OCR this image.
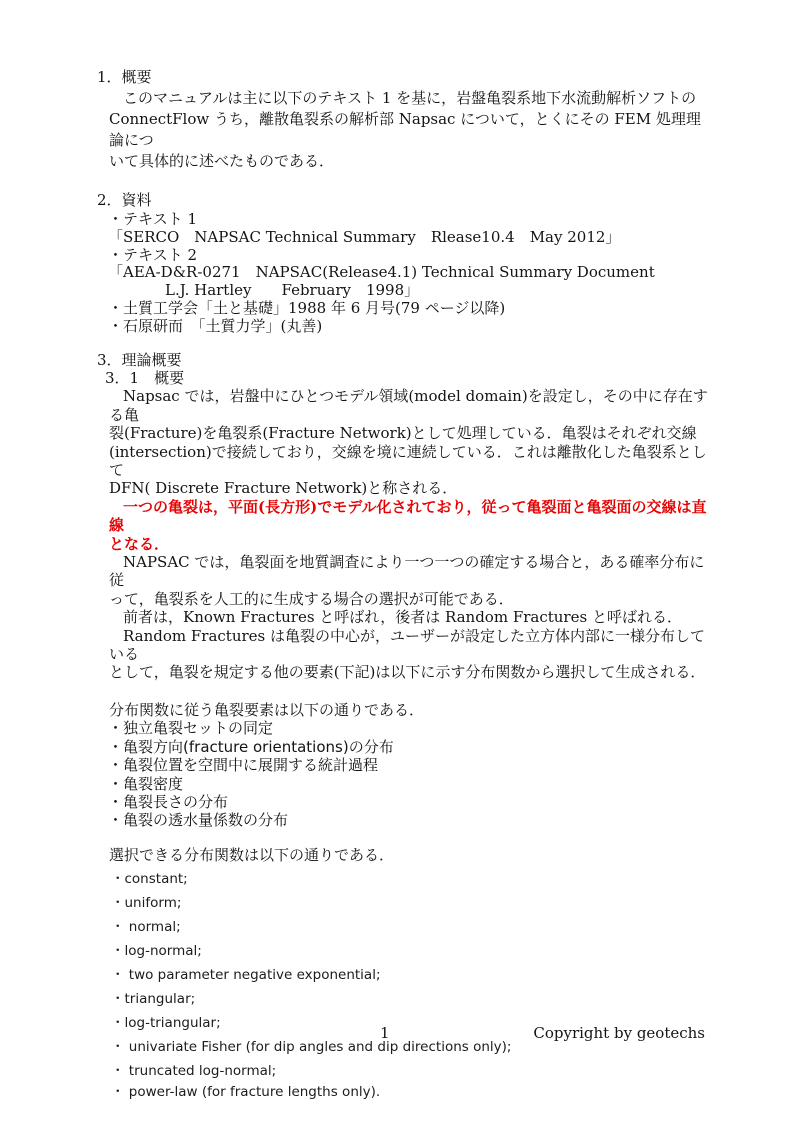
1．概要
このマニュアルは主に以下のテキスト 1 を基に，岩盤亀裂系地下水流動解析ソフトの
ConnectFlow うち，離散亀裂系の解析部 Napsac について，とくにその FEM 処理理論につ
いて具体的に述べたものである．
2．資料
・テキスト 1
「SERCO　NAPSAC Technical Summary　Rlease10.4　May 2012」
・テキスト 2
「AEA-D&R-0271　NAPSAC(Release4.1) Technical Summary Document
L.J. Hartley　　February　1998」
・土質工学会「土と基礎」1988 年 6 月号(79 ページ以降)
・石原研而　「土質力学」(丸善)
3．理論概要
3．1　概要
Napsac では，岩盤中にひとつモデル領域(model domain)を設定し，その中に存在する亀
裂(Fracture)を亀裂系(Fracture Network)として処理している．亀裂はそれぞれ交線
(intersection)で接続しており，交線を境に連続している．これは離散化した亀裂系として
DFN( Discrete Fracture Network)と称される．
一つの亀裂は，平面(長方形)でモデル化されており，従って亀裂面と亀裂面の交線は直線
となる．
NAPSAC では，亀裂面を地質調査により一つ一つの確定する場合と，ある確率分布に従
って，亀裂系を人工的に生成する場合の選択が可能である．
前者は，Known Fractures と呼ばれ，後者は Random Fractures と呼ばれる．
Random Fractures は亀裂の中心が，ユーザーが設定した立方体内部に一様分布している
として，亀裂を規定する他の要素(下記)は以下に示す分布関数から選択して生成される．
分布関数に従う亀裂要素は以下の通りである．
・独立亀裂セットの同定
・亀裂方向(fracture orientations)の分布
・亀裂位置を空間中に展開する統計過程
・亀裂密度
・亀裂長さの分布
・亀裂の透水量係数の分布
選択できる分布関数は以下の通りである．
・constant;
・uniform;
・ normal;
・log-normal;
・ two parameter negative exponential;
・triangular;
・log-triangular;
・ univariate Fisher (for dip angles and dip directions only);
・ truncated log-normal;
・ power-law (for fracture lengths only).
1	Copyright by geotechs
